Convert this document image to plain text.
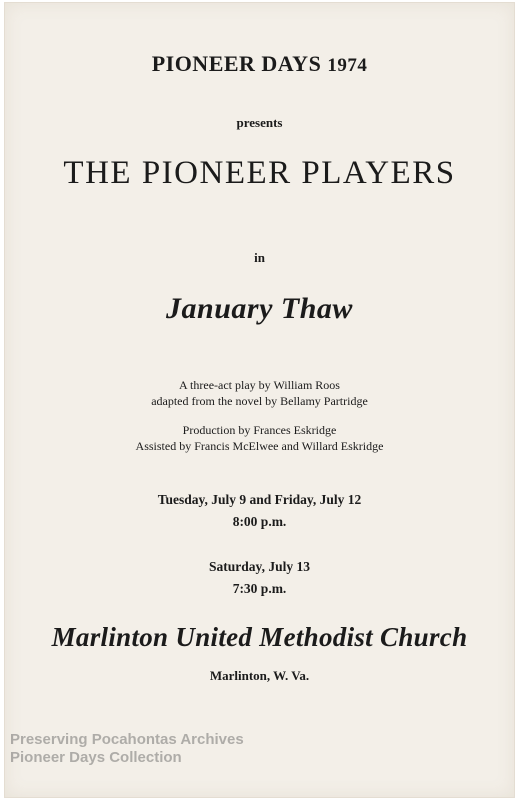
PIONEER DAYS 1974
presents
THE PIONEER PLAYERS
in
January Thaw
A three-act play by William Roos
adapted from the novel by Bellamy Partridge
Production by Frances Eskridge
Assisted by Francis McElwee and Willard Eskridge
Tuesday, July 9 and Friday, July 12
8:00 p.m.
Saturday, July 13
7:30 p.m.
Marlinton United Methodist Church
Marlinton, W. Va.
Preserving Pocahontas Archives
Pioneer Days Collection
